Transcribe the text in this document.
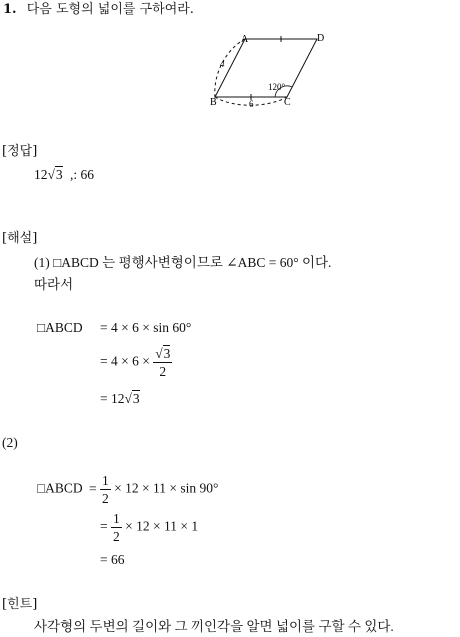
1. 다음 도형의 넓이를 구하여라.
A	D
B	C
4
6
120°
[정답]
12√3 ,: 66
[해설]
(1) □ABCD 는 평행사변형이므로 ∠ABC = 60° 이다.
따라서
□ABCD = 4 × 6 × sin 60°
= $4 \times 6 \times \frac{√3}{2}$
= 12√3
(2)
□ABCD = $\frac{1}{2} \times 12 \times 11 \times \sin 90^\circ$
= $\frac{1}{2} \times 12 \times 11 \times 1$
= 66
[힌트]
사각형의 두변의 길이와 그 끼인각을 알면 넓이를 구할 수 있다.
